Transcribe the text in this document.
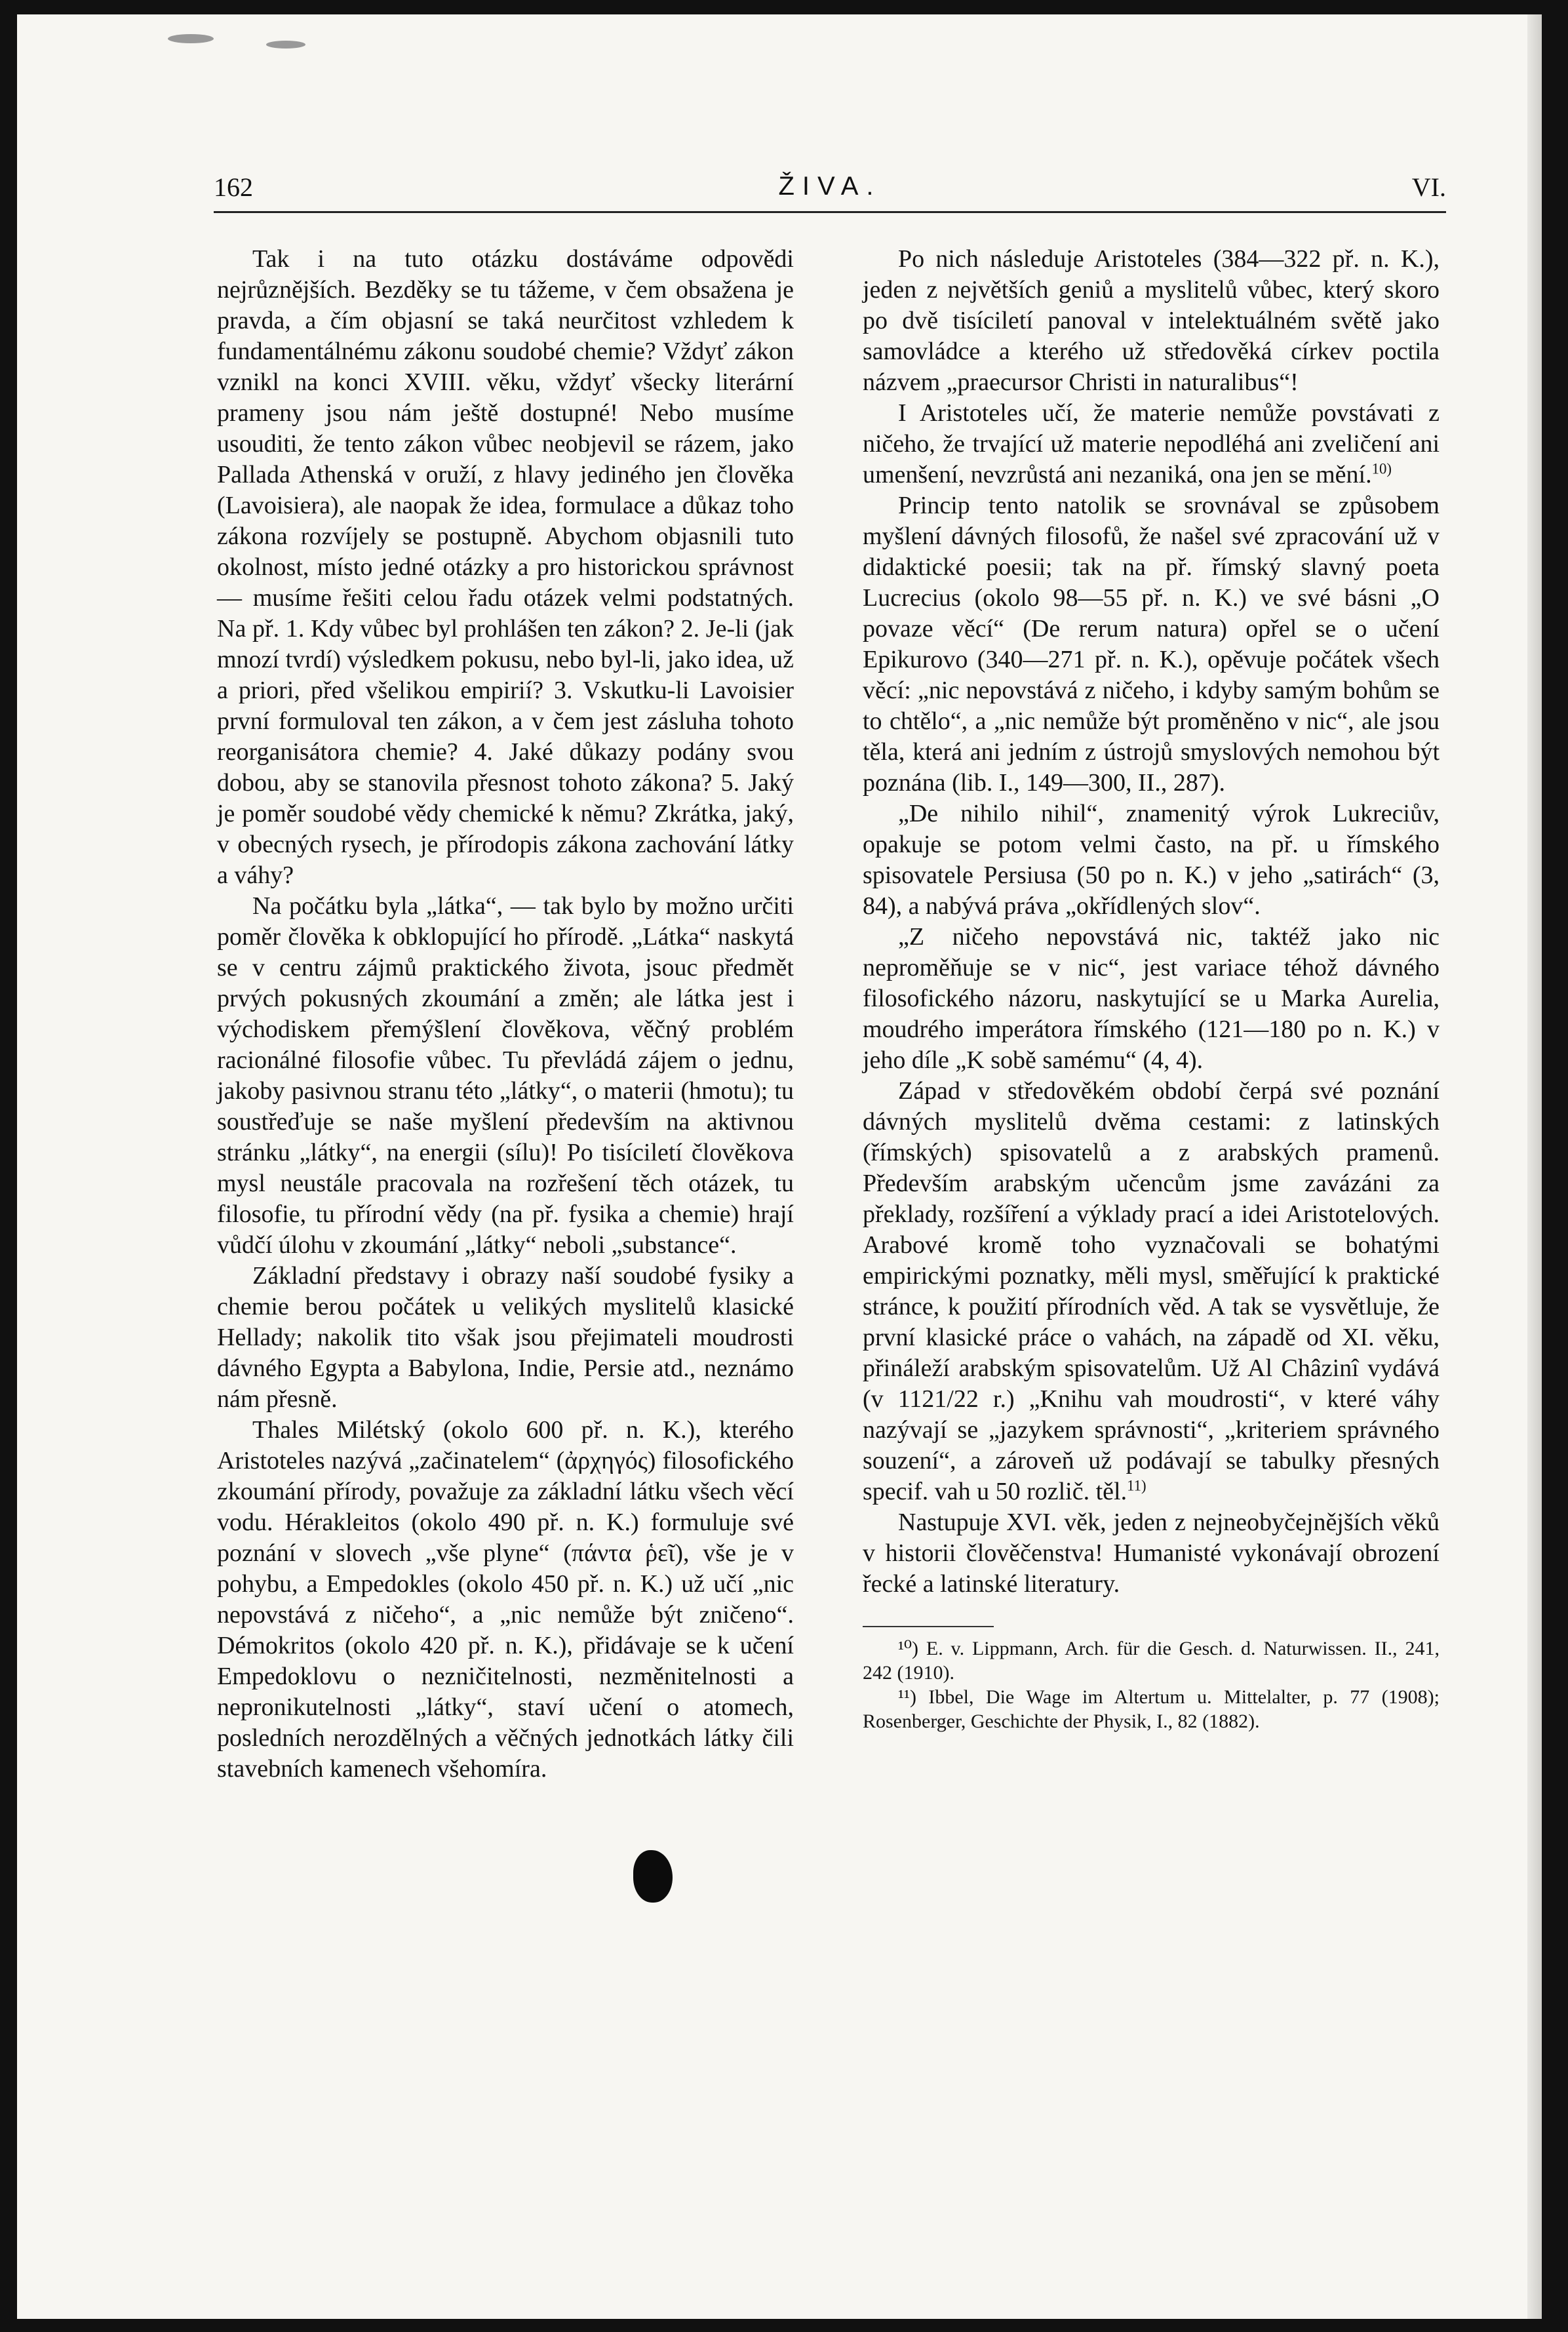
162	ŽIVA.	VI.

Tak i na tuto otázku dostáváme odpovědi nejrůznějších. Bezděky se tu tážeme, v čem obsažena je pravda, a čím objasní se taká neurčitost vzhledem k fundamentálnému zákonu soudobé chemie? Vždyť zákon vznikl na konci XVIII. věku, vždyť všecky literární prameny jsou nám ještě dostupné! Nebo musíme usouditi, že tento zákon vůbec neobjevil se rázem, jako Pallada Athenská v oruží, z hlavy jediného jen člověka (Lavoisiera), ale naopak že idea, formulace a důkaz toho zákona rozvíjely se postupně. Abychom objasnili tuto okolnost, místo jedné otázky a pro historickou správnost — musíme řešiti celou řadu otázek velmi podstatných. Na př. 1. Kdy vůbec byl prohlášen ten zákon? 2. Je-li (jak mnozí tvrdí) výsledkem pokusu, nebo byl-li, jako idea, už a priori, před všelikou empirií? 3. Vskutku-li Lavoisier první formuloval ten zákon, a v čem jest zásluha tohoto reorganisátora chemie? 4. Jaké důkazy podány svou dobou, aby se stanovila přesnost tohoto zákona? 5. Jaký je poměr soudobé vědy chemické k němu? Zkrátka, jaký, v obecných rysech, je přírodopis zákona zachování látky a váhy?

Na počátku byla „látka“, — tak bylo by možno určiti poměr člověka k obklopující ho přírodě. „Látka“ naskytá se v centru zájmů praktického života, jsouc předmět prvých pokusných zkoumání a změn; ale látka jest i východiskem přemýšlení člověkova, věčný problém racionálné filosofie vůbec. Tu převládá zájem o jednu, jakoby pasivnou stranu této „látky“, o materii (hmotu); tu soustřeďuje se naše myšlení především na aktivnou stránku „látky“, na energii (sílu)! Po tisíciletí člověkova mysl neustále pracovala na rozřešení těch otázek, tu filosofie, tu přírodní vědy (na př. fysika a chemie) hrají vůdčí úlohu v zkoumání „látky“ neboli „substance“.

Základní představy i obrazy naší soudobé fysiky a chemie berou počátek u velikých myslitelů klasické Hellady; nakolik tito však jsou přejimateli moudrosti dávného Egypta a Babylona, Indie, Persie atd., neznámo nám přesně.

Thales Milétský (okolo 600 př. n. K.), kterého Aristoteles nazývá „začinatelem“ (ἀρχηγός) filosofického zkoumání přírody, považuje za základní látku všech věcí vodu. Hérakleitos (okolo 490 př. n. K.) formuluje své poznání v slovech „vše plyne“ (πάντα ῥεῖ), vše je v pohybu, a Empedokles (okolo 450 př. n. K.) už učí „nic nepovstává z ničeho“, a „nic nemůže být zničeno“. Démokritos (okolo 420 př. n. K.), přidávaje se k učení Empedoklovu o nezničitelnosti, nezměnitelnosti a nepronikutelnosti „látky“, staví učení o atomech, posledních nerozdělných a věčných jednotkách látky čili stavebních kamenech všehomíra.

Po nich následuje Aristoteles (384—322 př. n. K.), jeden z největších geniů a myslitelů vůbec, který skoro po dvě tisíciletí panoval v intelektuálném světě jako samovládce a kterého už středověká církev poctila názvem „praecursor Christi in naturalibus“!

I Aristoteles učí, že materie nemůže povstávati z ničeho, že trvající už materie nepodléhá ani zveličení ani umenšení, nevzrůstá ani nezaniká, ona jen se mění.$^{10)}$

Princip tento natolik se srovnával se způsobem myšlení dávných filosofů, že našel své zpracování už v didaktické poesii; tak na př. římský slavný poeta Lucrecius (okolo 98—55 př. n. K.) ve své básni „O povaze věcí“ (De rerum natura) opřel se o učení Epikurovo (340—271 př. n. K.), opěvuje počátek všech věcí: „nic nepovstává z ničeho, i kdyby samým bohům se to chtělo“, a „nic nemůže být proměněno v nic“, ale jsou těla, která ani jedním z ústrojů smyslových nemohou být poznána (lib. I., 149—300, II., 287).

„De nihilo nihil“, znamenitý výrok Lukreciův, opakuje se potom velmi často, na př. u římského spisovatele Persiusa (50 po n. K.) v jeho „satirách“ (3, 84), a nabývá práva „okřídlených slov“.

„Z ničeho nepovstává nic, taktéž jako nic neproměňuje se v nic“, jest variace téhož dávného filosofického názoru, naskytující se u Marka Aurelia, moudrého imperátora římského (121—180 po n. K.) v jeho díle „K sobě samému“ (4, 4).

Západ v středověkém období čerpá své poznání dávných myslitelů dvěma cestami: z latinských (římských) spisovatelů a z arabských pramenů. Především arabským učencům jsme zavázáni za překlady, rozšíření a výklady prací a idei Aristotelových. Arabové kromě toho vyznačovali se bohatými empirickými poznatky, měli mysl, směřující k praktické stránce, k použití přírodních věd. A tak se vysvětluje, že první klasické práce o vahách, na západě od XI. věku, přináleží arabským spisovatelům. Už Al Châzinî vydává (v 1121/22 r.) „Knihu vah moudrosti“, v které váhy nazývají se „jazykem správnosti“, „kriteriem správného souzení“, a zároveň už podávají se tabulky přesných specif. vah u 50 rozlič. těl.$^{11)}$

Nastupuje XVI. věk, jeden z nejneobyčejnějších věků v historii člověčenstva! Humanisté vykonávají obrození řecké a latinské literatury.

¹⁰) E. v. Lippmann, Arch. für die Gesch. d. Naturwissen. II., 241, 242 (1910).

¹¹) Ibbel, Die Wage im Altertum u. Mittelalter, p. 77 (1908); Rosenberger, Geschichte der Physik, I., 82 (1882).
